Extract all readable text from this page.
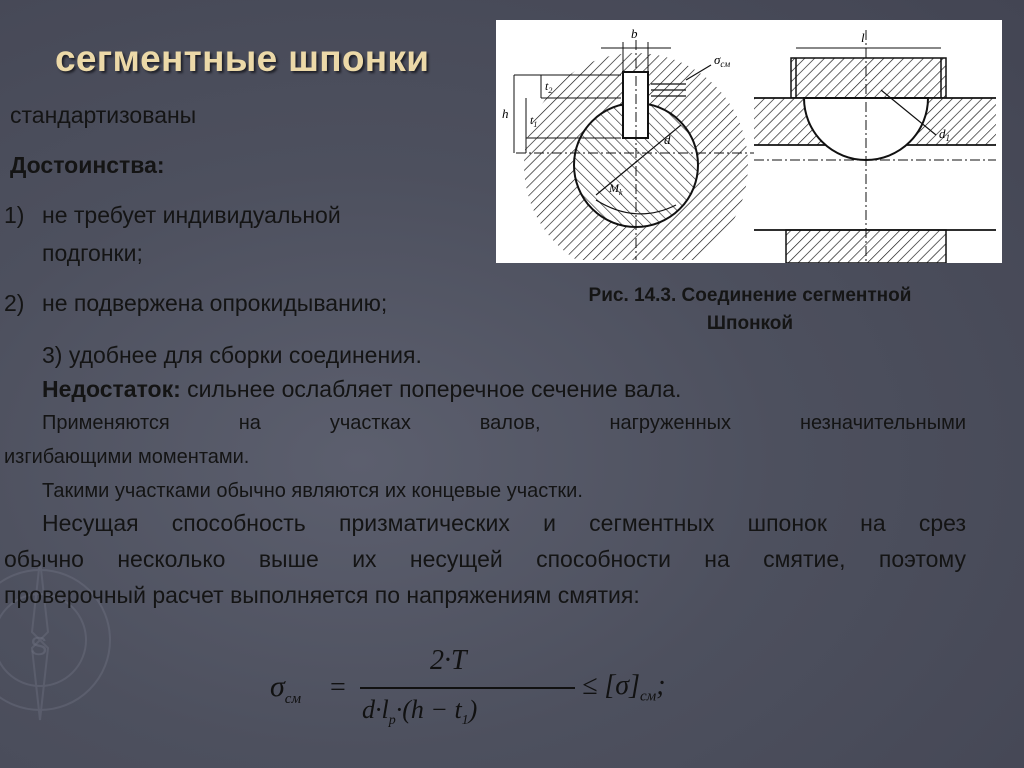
S
сегментные шпонки
стандартизованы
Достоинства:
1) не требует индивидуальной
подгонки;
2) не подвержена опрокидыванию;
3) удобнее для сборки соединения.
Недостаток: сильнее ослабляет поперечное сечение вала.
Применяются на участках валов, нагруженных незначительными
изгибающими моментами.
Такими участками обычно являются их концевые участки.
Несущая способность призматических и сегментных шпонок на срез
обычно несколько выше их несущей способности на смятие, поэтому
проверочный расчет выполняется по напряжениям смятия:
b
$\sigma_{см}$
h $t_1$
$t_2$
d
$M_k$
l
$d_1$
Рис. 14.3. Соединение сегментной
Шпонкой
$\sigma_{см}$ =
2·T
$d\cdot l_p\cdot(h - t_1)$
≤ $[\sigma]_{см}$;
